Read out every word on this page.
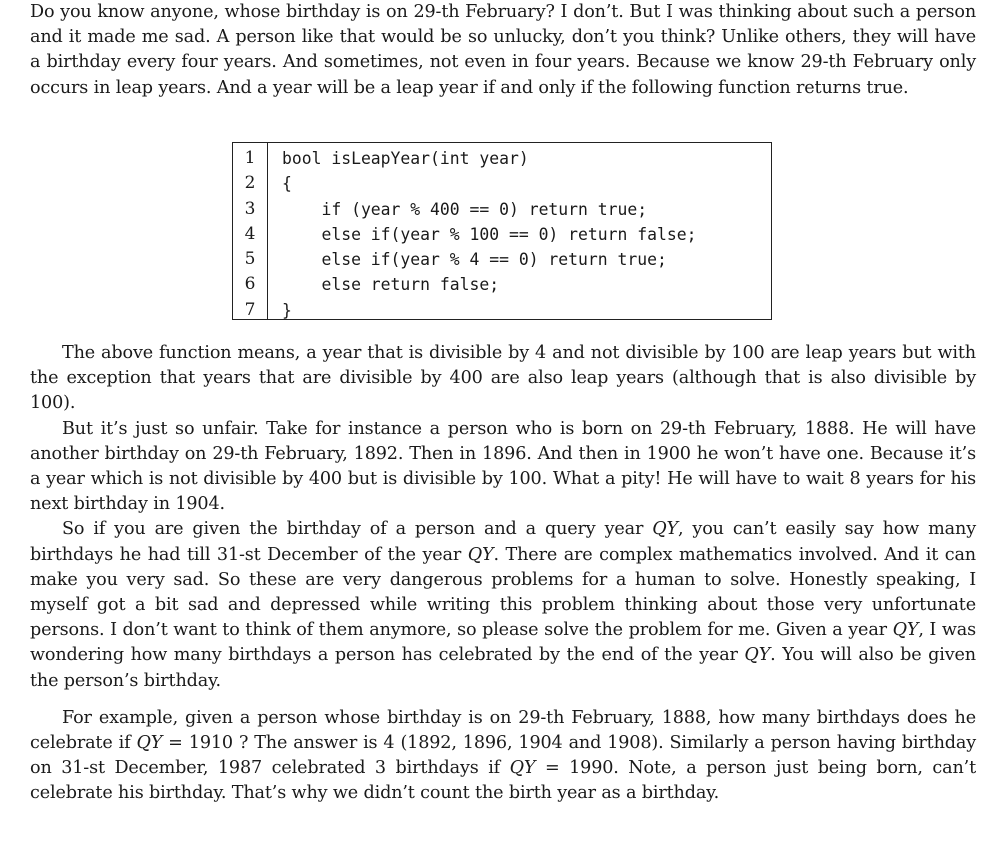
Do you know anyone, whose birthday is on 29-th February? I don’t. But I was thinking about such a person and it made me sad. A person like that would be so unlucky, don’t you think? Unlike others, they will have a birthday every four years. And sometimes, not even in four years. Because we know 29-th February only occurs in leap years. And a year will be a leap year if and only if the following function returns true.

1
2
3
4
5
6
7
bool isLeapYear(int year)
{
if (year % 400 == 0) return true;
else if(year % 100 == 0) return false;
else if(year % 4 == 0) return true;
else return false;
}

The above function means, a year that is divisible by 4 and not divisible by 100 are leap years but with the exception that years that are divisible by 400 are also leap years (although that is also divisible by 100).

But it’s just so unfair. Take for instance a person who is born on 29-th February, 1888. He will have another birthday on 29-th February, 1892. Then in 1896. And then in 1900 he won’t have one. Because it’s a year which is not divisible by 400 but is divisible by 100. What a pity! He will have to wait 8 years for his next birthday in 1904.

So if you are given the birthday of a person and a query year QY, you can’t easily say how many birthdays he had till 31-st December of the year QY. There are complex mathematics involved. And it can make you very sad. So these are very dangerous problems for a human to solve. Honestly speaking, I myself got a bit sad and depressed while writing this problem thinking about those very unfortunate persons. I don’t want to think of them anymore, so please solve the problem for me. Given a year QY, I was wondering how many birthdays a person has celebrated by the end of the year QY. You will also be given the person’s birthday.

For example, given a person whose birthday is on 29-th February, 1888, how many birthdays does he celebrate if QY = 1910 ? The answer is 4 (1892, 1896, 1904 and 1908). Similarly a person having birthday on 31-st December, 1987 celebrated 3 birthdays if QY = 1990. Note, a person just being born, can’t celebrate his birthday. That’s why we didn’t count the birth year as a birthday.
